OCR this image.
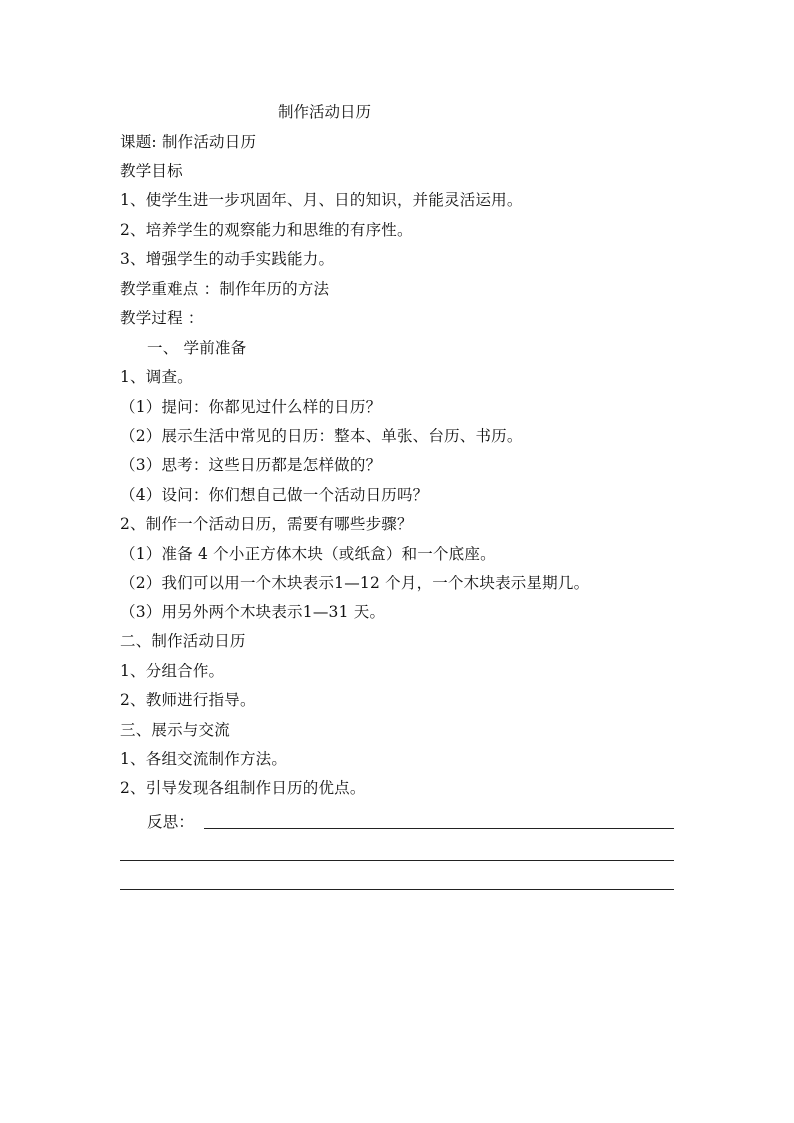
制作活动日历
课题: 制作活动日历
教学目标
1、使学生进一步巩固年、月、日的知识，并能灵活运用。
2、培养学生的观察能力和思维的有序性。
3、增强学生的动手实践能力。
教学重难点 ：制作年历的方法
教学过程 ：
一、 学前准备
1、调查。
（1）提问：你都见过什么样的日历？
（2）展示生活中常见的日历：整本、单张、台历、书历。
（3）思考：这些日历都是怎样做的？
（4）设问：你们想自己做一个活动日历吗？
2、制作一个活动日历，需要有哪些步骤？
（1）准备 4 个小正方体木块（或纸盒）和一个底座。
（2）我们可以用一个木块表示1—12 个月，一个木块表示星期几。
（3）用另外两个木块表示1—31 天。
二、制作活动日历
1、分组合作。
2、教师进行指导。
三、展示与交流
1、各组交流制作方法。
2、引导发现各组制作日历的优点。
反思：
